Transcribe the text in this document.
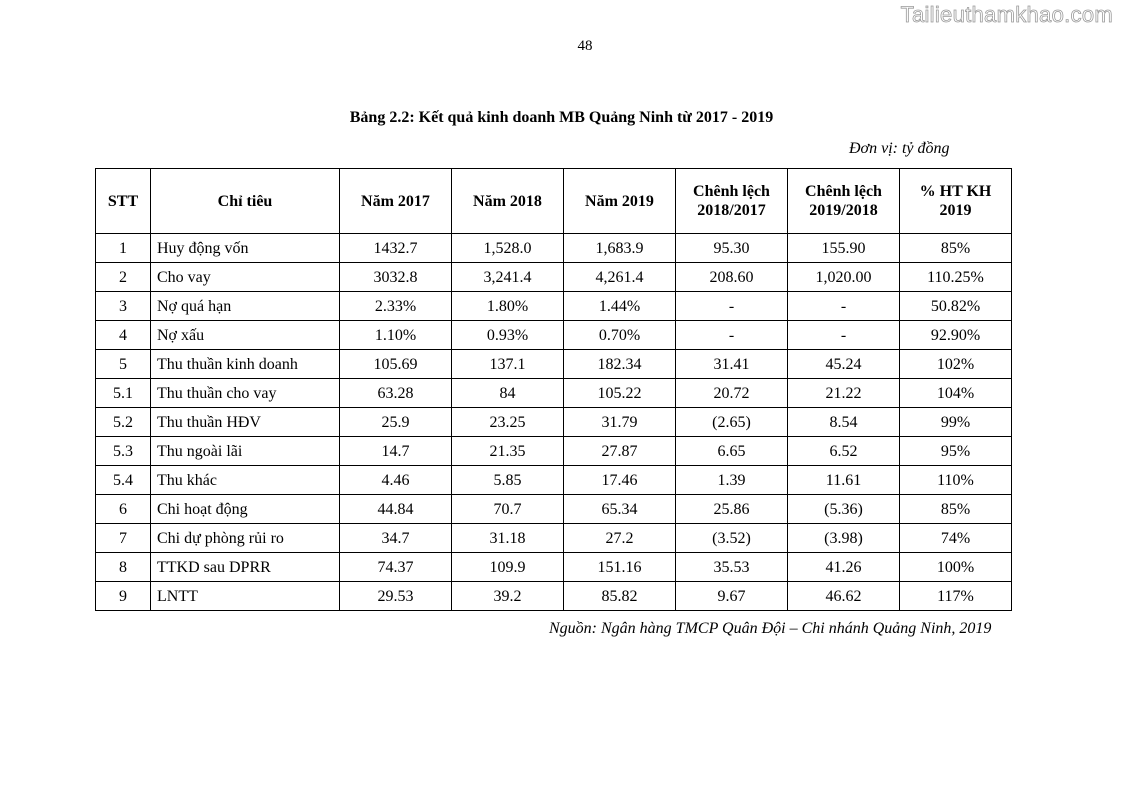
Tailieuthamkhao.com
48
Bảng 2.2: Kết quả kinh doanh MB Quảng Ninh từ 2017 - 2019
Đơn vị: tỷ đồng
STT	Chỉ tiêu	Năm 2017	Năm 2018	Năm 2019	Chênh lệch 2018/2017	Chênh lệch 2019/2018	% HT KH 2019
1	Huy động vốn	1432.7	1,528.0	1,683.9	95.30	155.90	85%
2	Cho vay	3032.8	3,241.4	4,261.4	208.60	1,020.00	110.25%
3	Nợ quá hạn	2.33%	1.80%	1.44%	-	-	50.82%
4	Nợ xấu	1.10%	0.93%	0.70%	-	-	92.90%
5	Thu thuần kinh doanh	105.69	137.1	182.34	31.41	45.24	102%
5.1	Thu thuần cho vay	63.28	84	105.22	20.72	21.22	104%
5.2	Thu thuần HĐV	25.9	23.25	31.79	(2.65)	8.54	99%
5.3	Thu ngoài lãi	14.7	21.35	27.87	6.65	6.52	95%
5.4	Thu khác	4.46	5.85	17.46	1.39	11.61	110%
6	Chi hoạt động	44.84	70.7	65.34	25.86	(5.36)	85%
7	Chi dự phòng rủi ro	34.7	31.18	27.2	(3.52)	(3.98)	74%
8	TTKD sau DPRR	74.37	109.9	151.16	35.53	41.26	100%
9	LNTT	29.53	39.2	85.82	9.67	46.62	117%
Nguồn: Ngân hàng TMCP Quân Đội – Chi nhánh Quảng Ninh, 2019
